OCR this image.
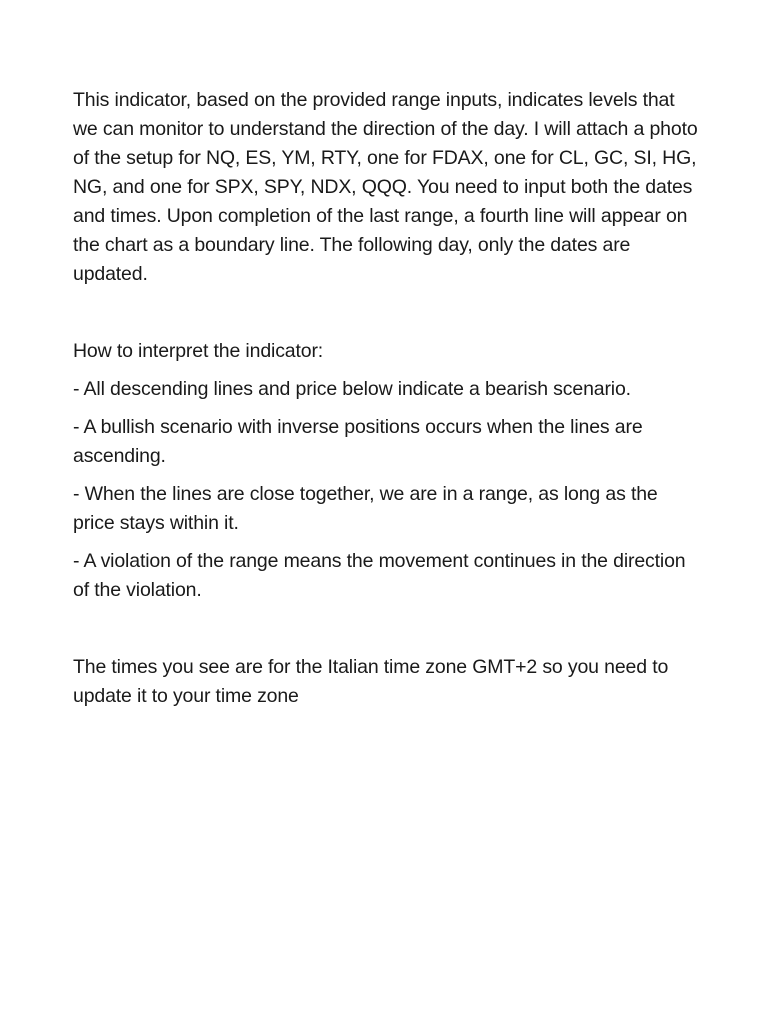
This indicator, based on the provided range inputs, indicates levels that we can monitor to understand the direction of the day. I will attach a photo of the setup for NQ, ES, YM, RTY, one for FDAX, one for CL, GC, SI, HG, NG, and one for SPX, SPY, NDX, QQQ. You need to input both the dates and times. Upon completion of the last range, a fourth line will appear on the chart as a boundary line. The following day, only the dates are updated.

How to interpret the indicator:

- All descending lines and price below indicate a bearish scenario.

- A bullish scenario with inverse positions occurs when the lines are ascending.

- When the lines are close together, we are in a range, as long as the price stays within it.

- A violation of the range means the movement continues in the direction of the violation.

The times you see are for the Italian time zone GMT+2 so you need to update it to your time zone
